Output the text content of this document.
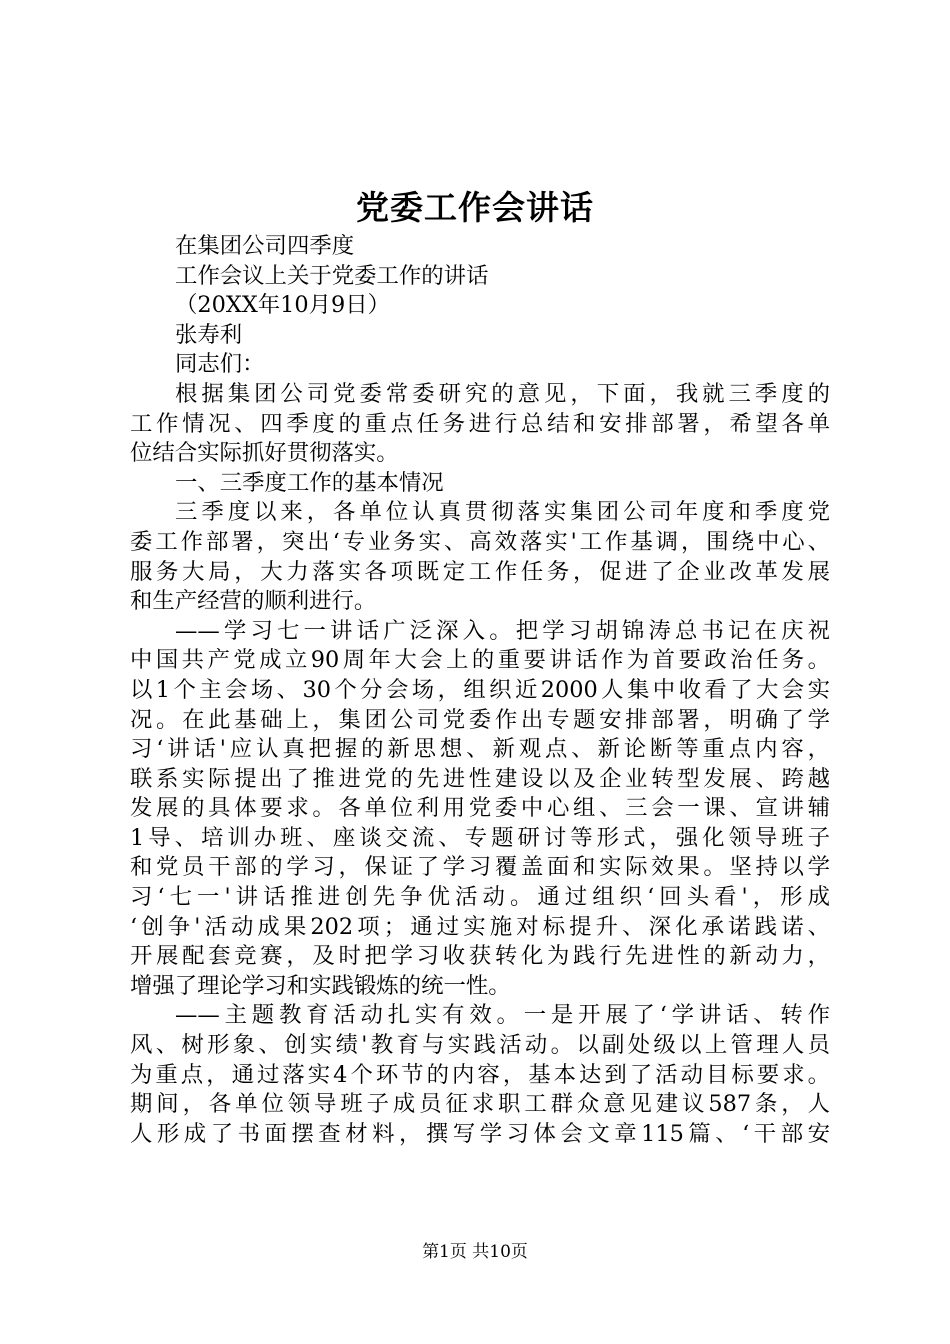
党委工作会讲话
在集团公司四季度
工作会议上关于党委工作的讲话
（20XX年10月9日）
张寿利
同志们：
根据集团公司党委常委研究的意见，下面，我就三季度的
工作情况、四季度的重点任务进行总结和安排部署，希望各单
位结合实际抓好贯彻落实。
一、三季度工作的基本情况
三季度以来，各单位认真贯彻落实集团公司年度和季度党
委工作部署，突出‘专业务实、高效落实'工作基调，围绕中心、
服务大局，大力落实各项既定工作任务，促进了企业改革发展
和生产经营的顺利进行。
——学习七一讲话广泛深入。把学习胡锦涛总书记在庆祝
中国共产党成立90周年大会上的重要讲话作为首要政治任务。
以1个主会场、30个分会场，组织近2000人集中收看了大会实
况。在此基础上，集团公司党委作出专题安排部署，明确了学
习‘讲话'应认真把握的新思想、新观点、新论断等重点内容，
联系实际提出了推进党的先进性建设以及企业转型发展、跨越
发展的具体要求。各单位利用党委中心组、三会一课、宣讲辅
1导、培训办班、座谈交流、专题研讨等形式，强化领导班子
和党员干部的学习，保证了学习覆盖面和实际效果。坚持以学
习‘七一'讲话推进创先争优活动。通过组织‘回头看'，形成
‘创争'活动成果202项；通过实施对标提升、深化承诺践诺、
开展配套竞赛，及时把学习收获转化为践行先进性的新动力，
增强了理论学习和实践锻炼的统一性。
——主题教育活动扎实有效。一是开展了‘学讲话、转作
风、树形象、创实绩'教育与实践活动。以副处级以上管理人员
为重点，通过落实4个环节的内容，基本达到了活动目标要求。
期间，各单位领导班子成员征求职工群众意见建议587条，人
人形成了书面摆查材料，撰写学习体会文章115篇、‘干部安
第1页 共10页
